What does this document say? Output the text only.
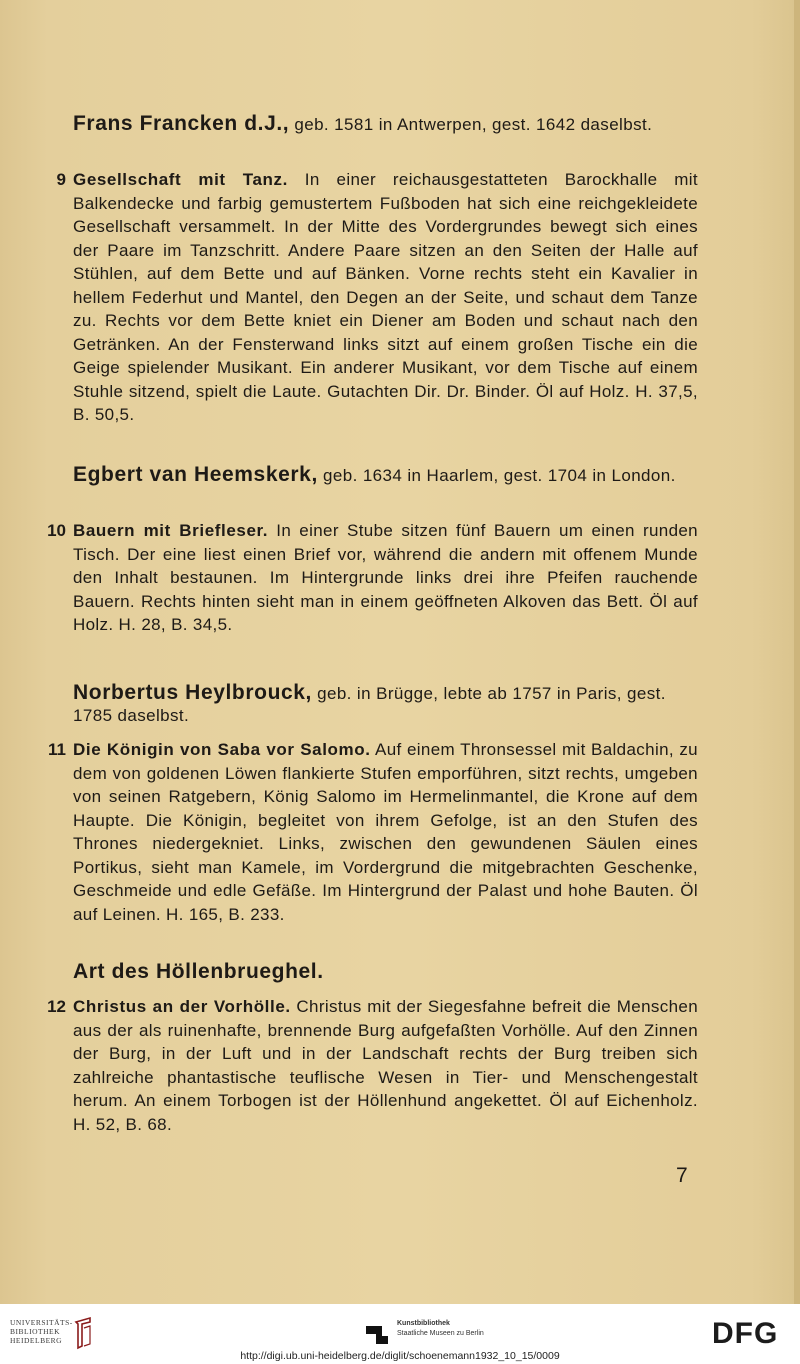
Frans Francken d.J., geb. 1581 in Antwerpen, gest. 1642 daselbst.
9 Gesellschaft mit Tanz. In einer reichausgestatteten Barockhalle mit Balkendecke und farbig gemustertem Fußboden hat sich eine reichgekleidete Gesellschaft versammelt. In der Mitte des Vordergrundes bewegt sich eines der Paare im Tanzschritt. Andere Paare sitzen an den Seiten der Halle auf Stühlen, auf dem Bette und auf Bänken. Vorne rechts steht ein Kavalier in hellem Federhut und Mantel, den Degen an der Seite, und schaut dem Tanze zu. Rechts vor dem Bette kniet ein Diener am Boden und schaut nach den Getränken. An der Fensterwand links sitzt auf einem großen Tische ein die Geige spielender Musikant. Ein anderer Musikant, vor dem Tische auf einem Stuhle sitzend, spielt die Laute. Gutachten Dir. Dr. Binder. Öl auf Holz. H. 37,5, B. 50,5.
Egbert van Heemskerk, geb. 1634 in Haarlem, gest. 1704 in London.
10 Bauern mit Briefleser. In einer Stube sitzen fünf Bauern um einen runden Tisch. Der eine liest einen Brief vor, während die andern mit offenem Munde den Inhalt bestaunen. Im Hintergrunde links drei ihre Pfeifen rauchende Bauern. Rechts hinten sieht man in einem geöffneten Alkoven das Bett. Öl auf Holz. H. 28, B. 34,5.
Norbertus Heylbrouck, geb. in Brügge, lebte ab 1757 in Paris, gest. 1785 daselbst.
11 Die Königin von Saba vor Salomo. Auf einem Thronsessel mit Baldachin, zu dem von goldenen Löwen flankierte Stufen emporführen, sitzt rechts, umgeben von seinen Ratgebern, König Salomo im Hermelinmantel, die Krone auf dem Haupte. Die Königin, begleitet von ihrem Gefolge, ist an den Stufen des Thrones niedergekniet. Links, zwischen den gewundenen Säulen eines Portikus, sieht man Kamele, im Vordergrund die mitgebrachten Geschenke, Geschmeide und edle Gefäße. Im Hintergrund der Palast und hohe Bauten. Öl auf Leinen. H. 165, B. 233.
Art des Höllenbrueghel.
12 Christus an der Vorhölle. Christus mit der Siegesfahne befreit die Menschen aus der als ruinenhafte, brennende Burg aufgefaßten Vorhölle. Auf den Zinnen der Burg, in der Luft und in der Landschaft rechts der Burg treiben sich zahlreiche phantastische teuflische Wesen in Tier- und Menschengestalt herum. An einem Torbogen ist der Höllenhund angekettet. Öl auf Eichenholz. H. 52, B. 68.
7
UNIVERSITÄTS-
BIBLIOTHEK
HEIDELBERG
Kunstbibliothek
Staatliche Museen zu Berlin	DFG
http://digi.ub.uni-heidelberg.de/diglit/schoenemann1932_10_15/0009
